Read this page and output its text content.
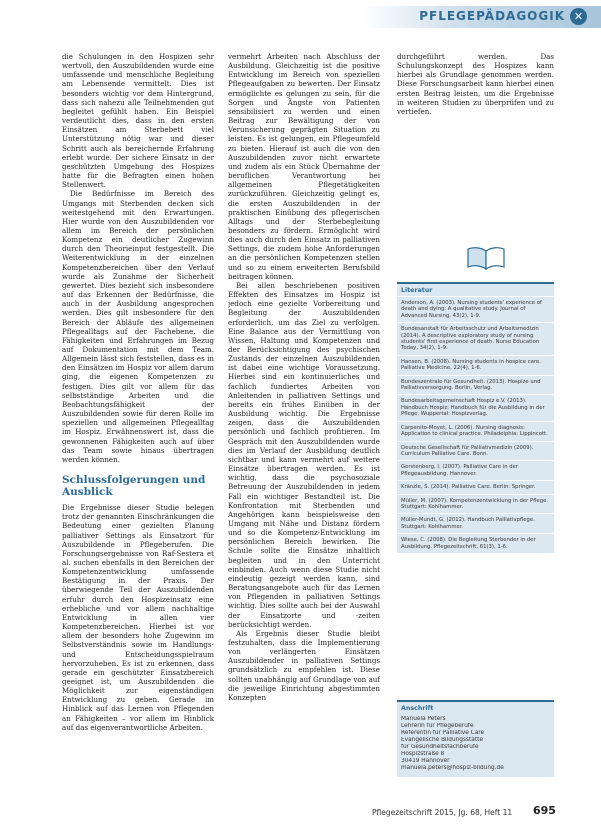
PFLEGEPÄDAGOGIK ✕

die Schulungen in den Hospizen sehr wertvoll, den Auszubildenden wurde eine umfassende und menschliche Begleitung am Lebensende vermittelt. Dies ist besonders wichtig vor dem Hintergrund, dass sich nahezu alle Teilnehmenden gut begleitet gefühlt haben. Ein Beispiel verdeutlicht dies, dass in den ersten Einsätzen am Sterbebett viel Unterstützung nötig war und dieser Schritt auch als bereichernde Erfahrung erlebt wurde. Der sichere Einsatz in der geschützten Umgebung des Hospizes hatte für die Befragten einen hohen Stellenwert.

Die Bedürfnisse im Bereich des Umgangs mit Sterbenden decken sich weitestgehend mit den Erwartungen. Hier wurde von den Auszubildenden vor allem im Bereich der persönlichen Kompetenz ein deutlicher Zugewinn durch den Theorieinput festgestellt. Die Weiterentwicklung in der einzelnen Kompetenzbereichen über den Verlauf wurde als Zunahme der Sicherheit gewertet. Dies bezieht sich insbesondere auf das Erkennen der Bedürfnisse, die auch in der Ausbildung angesprochen werden. Dies gilt insbesondere für den Bereich der Abläufe des allgemeinen Pflegealltags auf der Fachebene, die Fähigkeiten und Erfahrungen im Bezug auf Dokumentation mit dem Team. Allgemein lässt sich feststellen, dass es in den Einsätzen im Hospiz vor allem darum ging, die eigenen Kompetenzen zu festigen. Dies gilt vor allem für das selbstständige Arbeiten und die Beobachtungsfähigkeit der Auszubildenden sowie für deren Rolle im speziellen und allgemeinen Pflegealltag im Hospiz. Erwähnenswert ist, dass die gewonnenen Fähigkeiten auch auf über das Team sowie hinaus übertragen werden können.

Schlussfolgerungen und Ausblick

Die Ergebnisse dieser Studie belegen trotz der genannten Einschränkungen die Bedeutung einer gezielten Planung palliativer Settings als Einsatzort für Auszubildende in Pflegeberufen. Die Forschungsergebnisse von Raf-Sestera et al. suchen ebenfalls in den Bereichen der Kompetenzentwicklung umfassende Bestätigung in der Praxis. Der überwiegende Teil der Auszubildenden erfuhr durch den Hospizeinsatz eine erhebliche und vor allem nachhaltige Entwicklung in allen vier Kompetenzbereichen. Hierbei ist vor allem der besonders hohe Zugewinn im Selbstverständnis sowie im Handlungs- und Entscheidungsspielraum hervorzuheben. Es ist zu erkennen, dass gerade ein geschützter Einsatzbereich geeignet ist, um Auszubildenden die Möglichkeit zur eigenständigen Entwicklung zu geben. Gerade im Hinblick auf das Lernen von Pflegenden an Fähigkeiten – vor allem im Hinblick auf das eigenverantwortliche Arbeiten.

vermehrt Arbeiten nach Abschluss der Ausbildung. Gleichzeitig ist die positive Entwicklung im Bereich von speziellen Pflegeaufgaben zu bewerten. Der Einsatz ermöglichte es gelungen zu sein, für die Sorgen und Ängste von Patienten sensibilisiert zu werden und einen Beitrag zur Bewältigung der von Verunsicherung geprägten Situation zu leisten. Es ist gelungen, ein Pflegeumfeld zu bieten. Hierauf ist auch die von den Auszubildenden zuvor nicht erwartete und zudem als ein Stück Übernahme der beruflichen Verantwortung bei allgemeinen Pflegetätigkeiten zurückzuführen. Gleichzeitig gelingt es, die ersten Auszubildenden in der praktischen Einübung des pflegerischen Alltags und der Sterbebegleitung besonders zu fördern. Ermöglicht wird dies auch durch den Einsatz in palliativen Settings, die zudem hohe Anforderungen an die persönlichen Kompetenzen stellen und so zu einem erweiterten Berufsbild beitragen können.

Bei allen beschriebenen positiven Effekten des Einsatzes im Hospiz ist jedoch eine gezielte Vorbereitung und Begleitung der Auszubildenden erforderlich, um das Ziel zu verfolgen. Eine Balance aus der Vermittlung von Wissen, Haltung und Kompetenzen und der Berücksichtigung des psychischen Zustands der einzelnen Auszubildenden ist dabei eine wichtige Voraussetzung. Hierbei sind ein kontinuierliches und fachlich fundiertes Arbeiten von Anleitenden in palliativen Settings und bereits ein frühes Einüben in der Ausbildung wichtig. Die Ergebnisse zeigen, dass die Auszubildenden persönlich und fachlich profitieren. Im Gespräch mit den Auszubildenden wurde dies im Verlauf der Ausbildung deutlich sichtbar und kann vermehrt auf weitere Einsätze übertragen werden. Es ist wichtig, dass die psychosoziale Betreuung der Auszubildenden in jedem Fall ein wichtiger Bestandteil ist. Die Konfrontation mit Sterbenden und Angehörigen kann beispielsweise den Umgang mit Nähe und Distanz fördern und so die Kompetenz-Entwicklung im persönlichen Bereich bewirken. Die Schule sollte die Einsätze inhaltlich begleiten und in den Unterricht einbinden. Auch wenn diese Studie nicht eindeutig gezeigt werden kann, sind Beratungsangebote auch für das Lernen von Pflegenden in palliativen Settings wichtig. Dies sollte auch bei der Auswahl der Einsatzorte und -zeiten berücksichtigt werden.

Als Ergebnis dieser Studie bleibt festzuhalten, dass die Implementierung von verlängerten Einsätzen Auszubildender in palliativen Settings grundsätzlich zu empfehlen ist. Diese sollten unabhängig auf Grundlage von auf die jeweilige Einrichtung abgestimmten Konzepten

durchgeführt werden. Das Schulungskonzept des Hospizes kann hierbei als Grundlage genommen werden. Diese Forschungsarbeit kann hierbei einen ersten Beitrag leisten, um die Ergebnisse in weiteren Studien zu überprüfen und zu vertiefen.

Literatur
Anderson, A. (2003). Nursing students' experience of death and dying: A qualitative study. Journal of Advanced Nursing, 43(2), 1-9.
Bundesanstalt für Arbeitsschutz und Arbeitsmedizin (2014). A descriptive exploratory study of nursing students' first experience of death. Nurse Education Today, 34(2), 1-9.
Hansen, B. (2008). Nursing students in hospice care. Palliative Medicine, 22(4), 1-6.
Bundeszentrale für Gesundheit. (2013). Hospize und Palliativversorgung. Berlin, Verlag.
Bundesarbeitsgemeinschaft Hospiz e.V. (2013). Handbuch Hospiz: Handbuch für die Ausbildung in der Pflege. Wuppertal: Hospizverlag.
Carpenito-Moyet, L. (2006). Nursing diagnosis: Application to clinical practice. Philadelphia: Lippincott.
Deutsche Gesellschaft für Palliativmedizin (2009). Curriculum Palliative Care. Bonn.
Gerstenberg, I. (2007). Palliative Care in der Pflegeausbildung. Hannover.
Kränzle, S. (2014). Palliative Care. Berlin: Springer.
Müller, M. (2007). Kompetenzentwicklung in der Pflege. Stuttgart: Kohlhammer.
Müller-Mundt, G. (2012). Handbuch Palliativpflege. Stuttgart: Kohlhammer.
Wiese, C. (2008). Die Begleitung Sterbender in der Ausbildung. Pflegezeitschrift, 61(3), 1-6.
Anschrift
Manuela Peters
Lehrerin für Pflegeberufe
Referentin für Palliative Care
Evangelische Bildungsstätte
für Gesundheitsfachberufe
Hospizstraße 8
30419 Hannover
manuela.peters@hospiz-bildung.de
Pflegezeitschrift 2015, Jg. 68, Heft 11 695
